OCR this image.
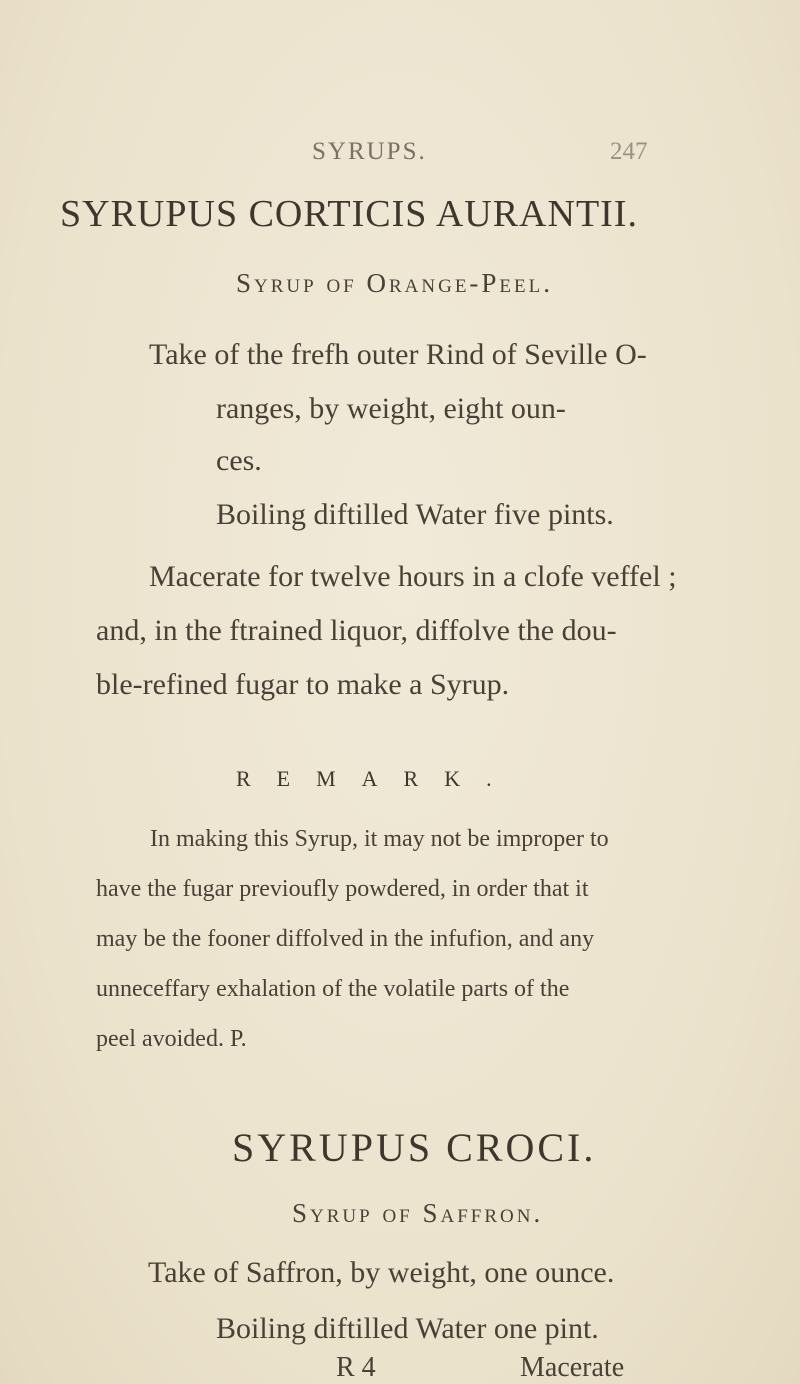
SYRUPS.	247
SYRUPUS CORTICIS AURANTII.
Syrup of Orange-Peel.
Take of the frefh outer Rind of Seville O-
ranges, by weight, eight oun-
ces.
Boiling diftilled Water five pints.
Macerate for twelve hours in a clofe veffel ;
and, in the ftrained liquor, diffolve the dou-
ble-refined fugar to make a Syrup.
REMARK.
In making this Syrup, it may not be improper to
have the fugar previoufly powdered, in order that it
may be the fooner diffolved in the infufion, and any
unneceffary exhalation of the volatile parts of the
peel avoided. P.
SYRUPUS CROCI.
Syrup of Saffron.
Take of Saffron, by weight, one ounce.
Boiling diftilled Water one pint.
R 4	Macerate
